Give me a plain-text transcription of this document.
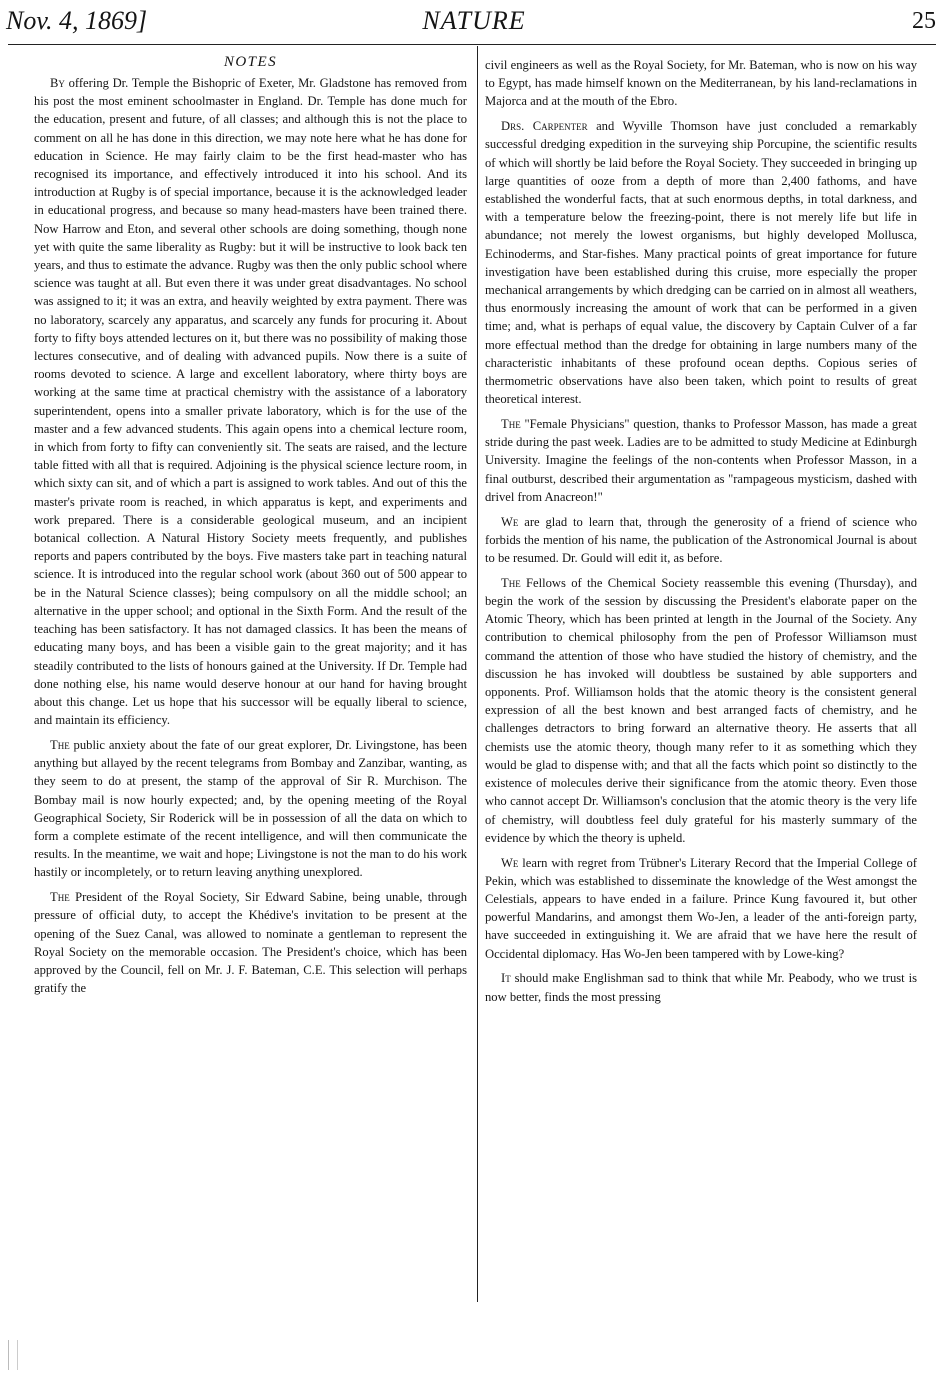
Nov. 4, 1869]	NATURE	25
NOTES

By offering Dr. Temple the Bishopric of Exeter, Mr. Gladstone has removed from his post the most eminent schoolmaster in England. Dr. Temple has done much for the education, present and future, of all classes; and although this is not the place to comment on all he has done in this direction, we may note here what he has done for education in Science. He may fairly claim to be the first head-master who has recognised its importance, and effectively introduced it into his school. And its introduction at Rugby is of special importance, because it is the acknowledged leader in educational progress, and because so many head-masters have been trained there. Now Harrow and Eton, and several other schools are doing something, though none yet with quite the same liberality as Rugby: but it will be instructive to look back ten years, and thus to estimate the advance. Rugby was then the only public school where science was taught at all. But even there it was under great disadvantages. No school was assigned to it; it was an extra, and heavily weighted by extra payment. There was no laboratory, scarcely any apparatus, and scarcely any funds for procuring it. About forty to fifty boys attended lectures on it, but there was no possibility of making those lectures consecutive, and of dealing with advanced pupils. Now there is a suite of rooms devoted to science. A large and excellent laboratory, where thirty boys are working at the same time at practical chemistry with the assistance of a laboratory superintendent, opens into a smaller private laboratory, which is for the use of the master and a few advanced students. This again opens into a chemical lecture room, in which from forty to fifty can conveniently sit. The seats are raised, and the lecture table fitted with all that is required. Adjoining is the physical science lecture room, in which sixty can sit, and of which a part is assigned to work tables. And out of this the master's private room is reached, in which apparatus is kept, and experiments and work prepared. There is a considerable geological museum, and an incipient botanical collection. A Natural History Society meets frequently, and publishes reports and papers contributed by the boys. Five masters take part in teaching natural science. It is introduced into the regular school work (about 360 out of 500 appear to be in the Natural Science classes); being compulsory on all the middle school; an alternative in the upper school; and optional in the Sixth Form. And the result of the teaching has been satisfactory. It has not damaged classics. It has been the means of educating many boys, and has been a visible gain to the great majority; and it has steadily contributed to the lists of honours gained at the University. If Dr. Temple had done nothing else, his name would deserve honour at our hand for having brought about this change. Let us hope that his successor will be equally liberal to science, and maintain its efficiency.

The public anxiety about the fate of our great explorer, Dr. Livingstone, has been anything but allayed by the recent telegrams from Bombay and Zanzibar, wanting, as they seem to do at present, the stamp of the approval of Sir R. Murchison. The Bombay mail is now hourly expected; and, by the opening meeting of the Royal Geographical Society, Sir Roderick will be in possession of all the data on which to form a complete estimate of the recent intelligence, and will then communicate the results. In the meantime, we wait and hope; Livingstone is not the man to do his work hastily or incompletely, or to return leaving anything unexplored.

The President of the Royal Society, Sir Edward Sabine, being unable, through pressure of official duty, to accept the Khédive's invitation to be present at the opening of the Suez Canal, was allowed to nominate a gentleman to represent the Royal Society on the memorable occasion. The President's choice, which has been approved by the Council, fell on Mr. J. F. Bateman, C.E. This selection will perhaps gratify the

civil engineers as well as the Royal Society, for Mr. Bateman, who is now on his way to Egypt, has made himself known on the Mediterranean, by his land-reclamations in Majorca and at the mouth of the Ebro.

Drs. Carpenter and Wyville Thomson have just concluded a remarkably successful dredging expedition in the surveying ship Porcupine, the scientific results of which will shortly be laid before the Royal Society. They succeeded in bringing up large quantities of ooze from a depth of more than 2,400 fathoms, and have established the wonderful facts, that at such enormous depths, in total darkness, and with a temperature below the freezing-point, there is not merely life but life in abundance; not merely the lowest organisms, but highly developed Mollusca, Echinoderms, and Star-fishes. Many practical points of great importance for future investigation have been established during this cruise, more especially the proper mechanical arrangements by which dredging can be carried on in almost all weathers, thus enormously increasing the amount of work that can be performed in a given time; and, what is perhaps of equal value, the discovery by Captain Culver of a far more effectual method than the dredge for obtaining in large numbers many of the characteristic inhabitants of these profound ocean depths. Copious series of thermometric observations have also been taken, which point to results of great theoretical interest.

The "Female Physicians" question, thanks to Professor Masson, has made a great stride during the past week. Ladies are to be admitted to study Medicine at Edinburgh University. Imagine the feelings of the non-contents when Professor Masson, in a final outburst, described their argumentation as "rampageous mysticism, dashed with drivel from Anacreon!"

We are glad to learn that, through the generosity of a friend of science who forbids the mention of his name, the publication of the Astronomical Journal is about to be resumed. Dr. Gould will edit it, as before.

The Fellows of the Chemical Society reassemble this evening (Thursday), and begin the work of the session by discussing the President's elaborate paper on the Atomic Theory, which has been printed at length in the Journal of the Society. Any contribution to chemical philosophy from the pen of Professor Williamson must command the attention of those who have studied the history of chemistry, and the discussion he has invoked will doubtless be sustained by able supporters and opponents. Prof. Williamson holds that the atomic theory is the consistent general expression of all the best known and best arranged facts of chemistry, and he challenges detractors to bring forward an alternative theory. He asserts that all chemists use the atomic theory, though many refer to it as something which they would be glad to dispense with; and that all the facts which point so distinctly to the existence of molecules derive their significance from the atomic theory. Even those who cannot accept Dr. Williamson's conclusion that the atomic theory is the very life of chemistry, will doubtless feel duly grateful for his masterly summary of the evidence by which the theory is upheld.

We learn with regret from Trübner's Literary Record that the Imperial College of Pekin, which was established to disseminate the knowledge of the West amongst the Celestials, appears to have ended in a failure. Prince Kung favoured it, but other powerful Mandarins, and amongst them Wo-Jen, a leader of the anti-foreign party, have succeeded in extinguishing it. We are afraid that we have here the result of Occidental diplomacy. Has Wo-Jen been tampered with by Lowe-king?

It should make Englishman sad to think that while Mr. Peabody, who we trust is now better, finds the most pressing
